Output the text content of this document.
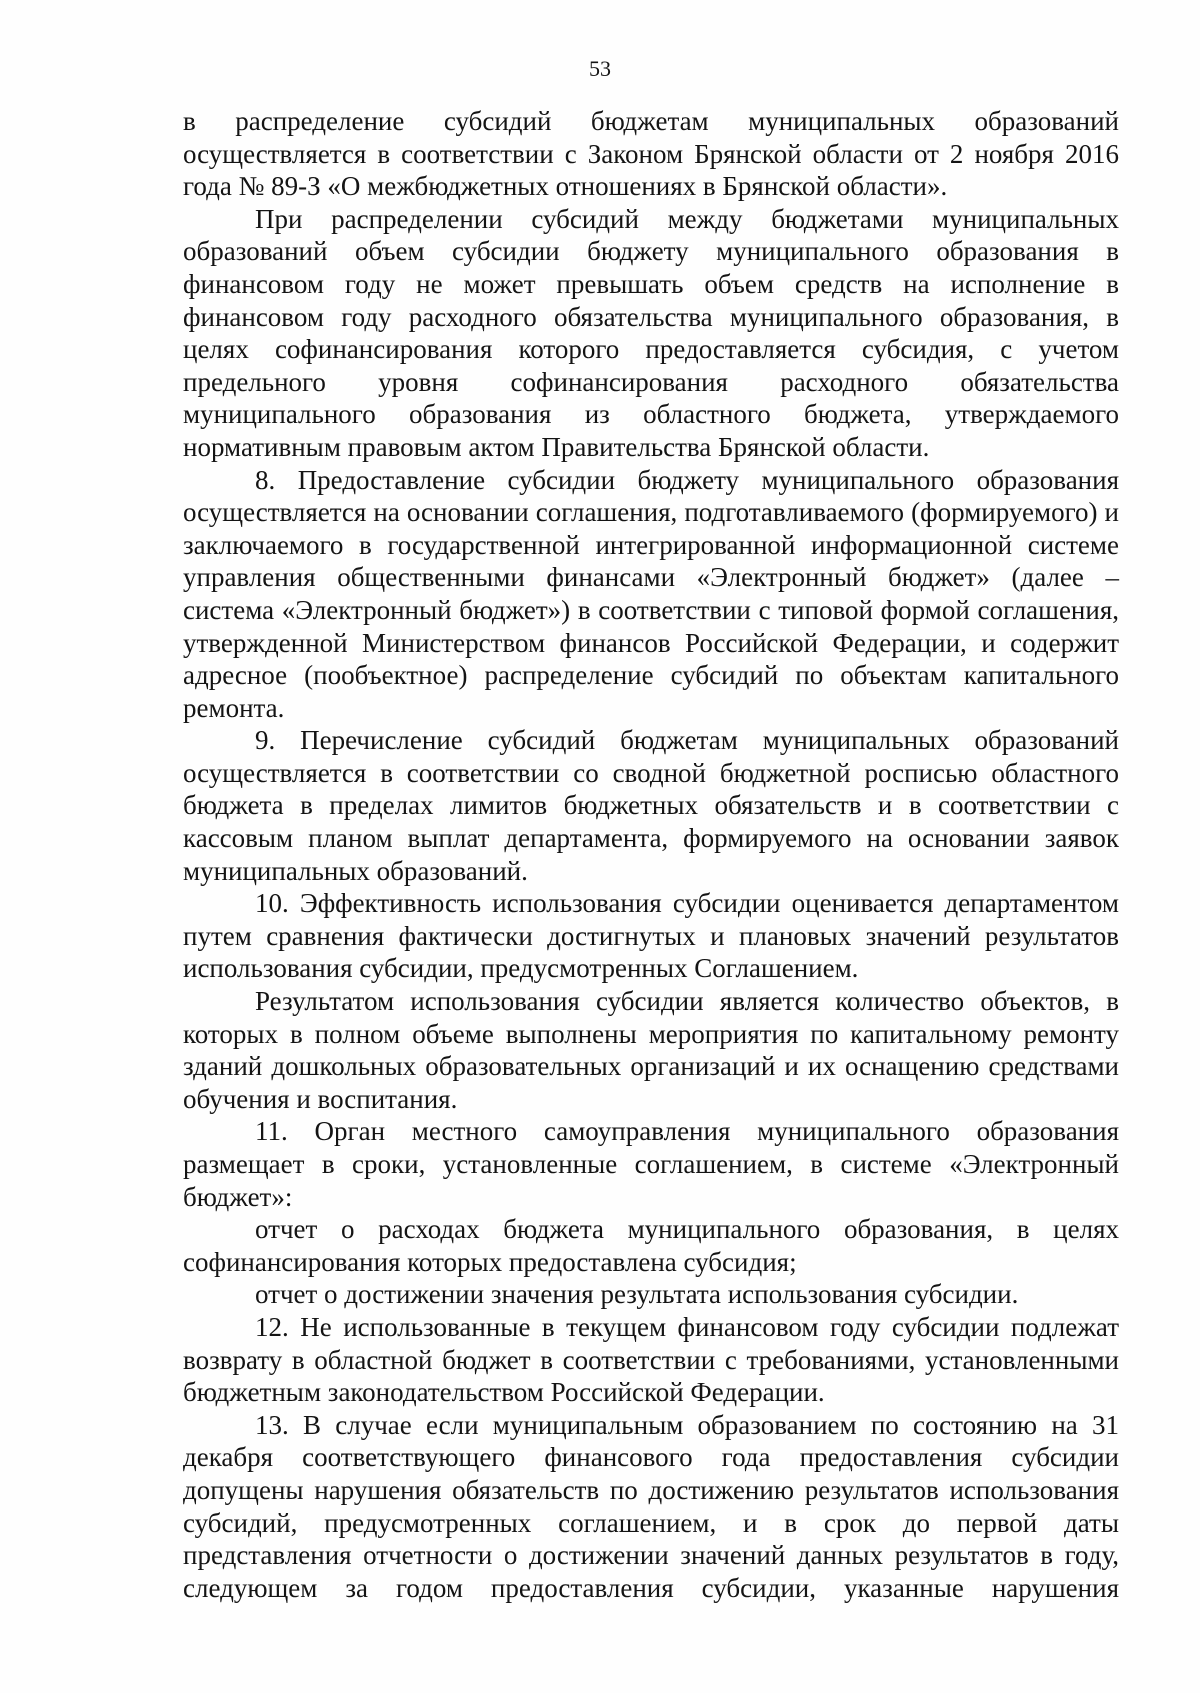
53

в распределение субсидий бюджетам муниципальных образований осуществляется в соответствии с Законом Брянской области от 2 ноября 2016 года № 89-З «О межбюджетных отношениях в Брянской области».

При распределении субсидий между бюджетами муниципальных образований объем субсидии бюджету муниципального образования в финансовом году не может превышать объем средств на исполнение в финансовом году расходного обязательства муниципального образования, в целях софинансирования которого предоставляется субсидия, с учетом предельного уровня софинансирования расходного обязательства муниципального образования из областного бюджета, утверждаемого нормативным правовым актом Правительства Брянской области.

8. Предоставление субсидии бюджету муниципального образования осуществляется на основании соглашения, подготавливаемого (формируемого) и заключаемого в государственной интегрированной информационной системе управления общественными финансами «Электронный бюджет» (далее – система «Электронный бюджет») в соответствии с типовой формой соглашения, утвержденной Министерством финансов Российской Федерации, и содержит адресное (пообъектное) распределение субсидий по объектам капитального ремонта.

9. Перечисление субсидий бюджетам муниципальных образований осуществляется в соответствии со сводной бюджетной росписью областного бюджета в пределах лимитов бюджетных обязательств и в соответствии с кассовым планом выплат департамента, формируемого на основании заявок муниципальных образований.

10. Эффективность использования субсидии оценивается департаментом путем сравнения фактически достигнутых и плановых значений результатов использования субсидии, предусмотренных Соглашением.

Результатом использования субсидии является количество объектов, в которых в полном объеме выполнены мероприятия по капитальному ремонту зданий дошкольных образовательных организаций и их оснащению средствами обучения и воспитания.

11. Орган местного самоуправления муниципального образования размещает в сроки, установленные соглашением, в системе «Электронный бюджет»:

отчет о расходах бюджета муниципального образования, в целях софинансирования которых предоставлена субсидия;

отчет о достижении значения результата использования субсидии.

12. Не использованные в текущем финансовом году субсидии подлежат возврату в областной бюджет в соответствии с требованиями, установленными бюджетным законодательством Российской Федерации.

13. В случае если муниципальным образованием по состоянию на 31 декабря соответствующего финансового года предоставления субсидии допущены нарушения обязательств по достижению результатов использования субсидий, предусмотренных соглашением, и в срок до первой даты представления отчетности о достижении значений данных результатов в году, следующем за годом предоставления субсидии, указанные нарушения
